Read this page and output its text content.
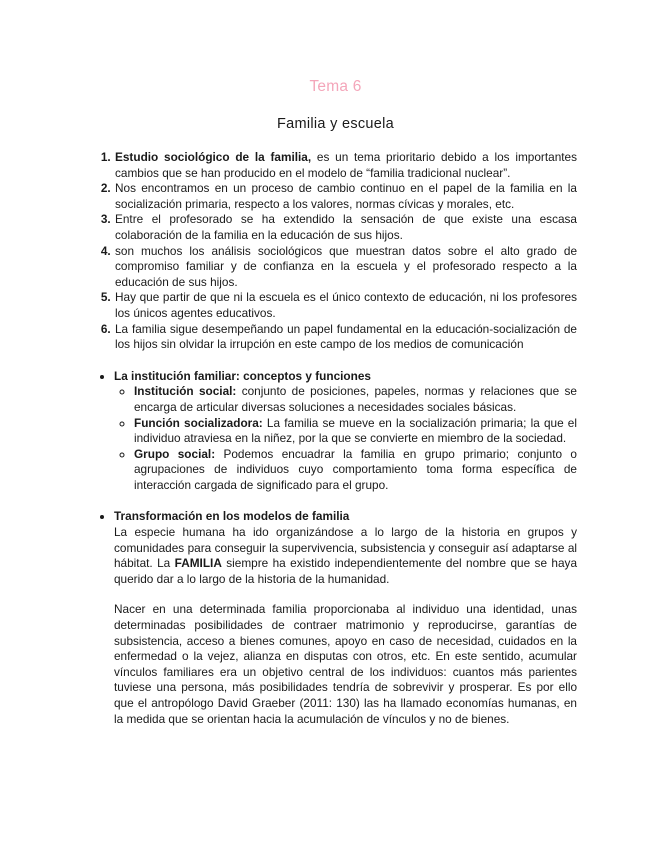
Tema 6
Familia y escuela
1. Estudio sociológico de la familia, es un tema prioritario debido a los importantes cambios que se han producido en el modelo de “familia tradicional nuclear”.
2. Nos encontramos en un proceso de cambio continuo en el papel de la familia en la socialización primaria, respecto a los valores, normas cívicas y morales, etc.
3. Entre el profesorado se ha extendido la sensación de que existe una escasa colaboración de la familia en la educación de sus hijos.
4. son muchos los análisis sociológicos que muestran datos sobre el alto grado de compromiso familiar y de confianza en la escuela y el profesorado respecto a la educación de sus hijos.
5. Hay que partir de que ni la escuela es el único contexto de educación, ni los profesores los únicos agentes educativos.
6. La familia sigue desempeñando un papel fundamental en la educación-socialización de los hijos sin olvidar la irrupción en este campo de los medios de comunicación
• La institución familiar: conceptos y funciones
◦ Institución social: conjunto de posiciones, papeles, normas y relaciones que se encarga de articular diversas soluciones a necesidades sociales básicas.
◦ Función socializadora: La familia se mueve en la socialización primaria; la que el individuo atraviesa en la niñez, por la que se convierte en miembro de la sociedad.
◦ Grupo social: Podemos encuadrar la familia en grupo primario; conjunto o agrupaciones de individuos cuyo comportamiento toma forma específica de interacción cargada de significado para el grupo.
• Transformación en los modelos de familia

La especie humana ha ido organizándose a lo largo de la historia en grupos y comunidades para conseguir la supervivencia, subsistencia y conseguir así adaptarse al hábitat. La FAMILIA siempre ha existido independientemente del nombre que se haya querido dar a lo largo de la historia de la humanidad.

Nacer en una determinada familia proporcionaba al individuo una identidad, unas determinadas posibilidades de contraer matrimonio y reproducirse, garantías de subsistencia, acceso a bienes comunes, apoyo en caso de necesidad, cuidados en la enfermedad o la vejez, alianza en disputas con otros, etc. En este sentido, acumular vínculos familiares era un objetivo central de los individuos: cuantos más parientes tuviese una persona, más posibilidades tendría de sobrevivir y prosperar. Es por ello que el antropólogo David Graeber (2011: 130) las ha llamado economías humanas, en la medida que se orientan hacia la acumulación de vínculos y no de bienes.
